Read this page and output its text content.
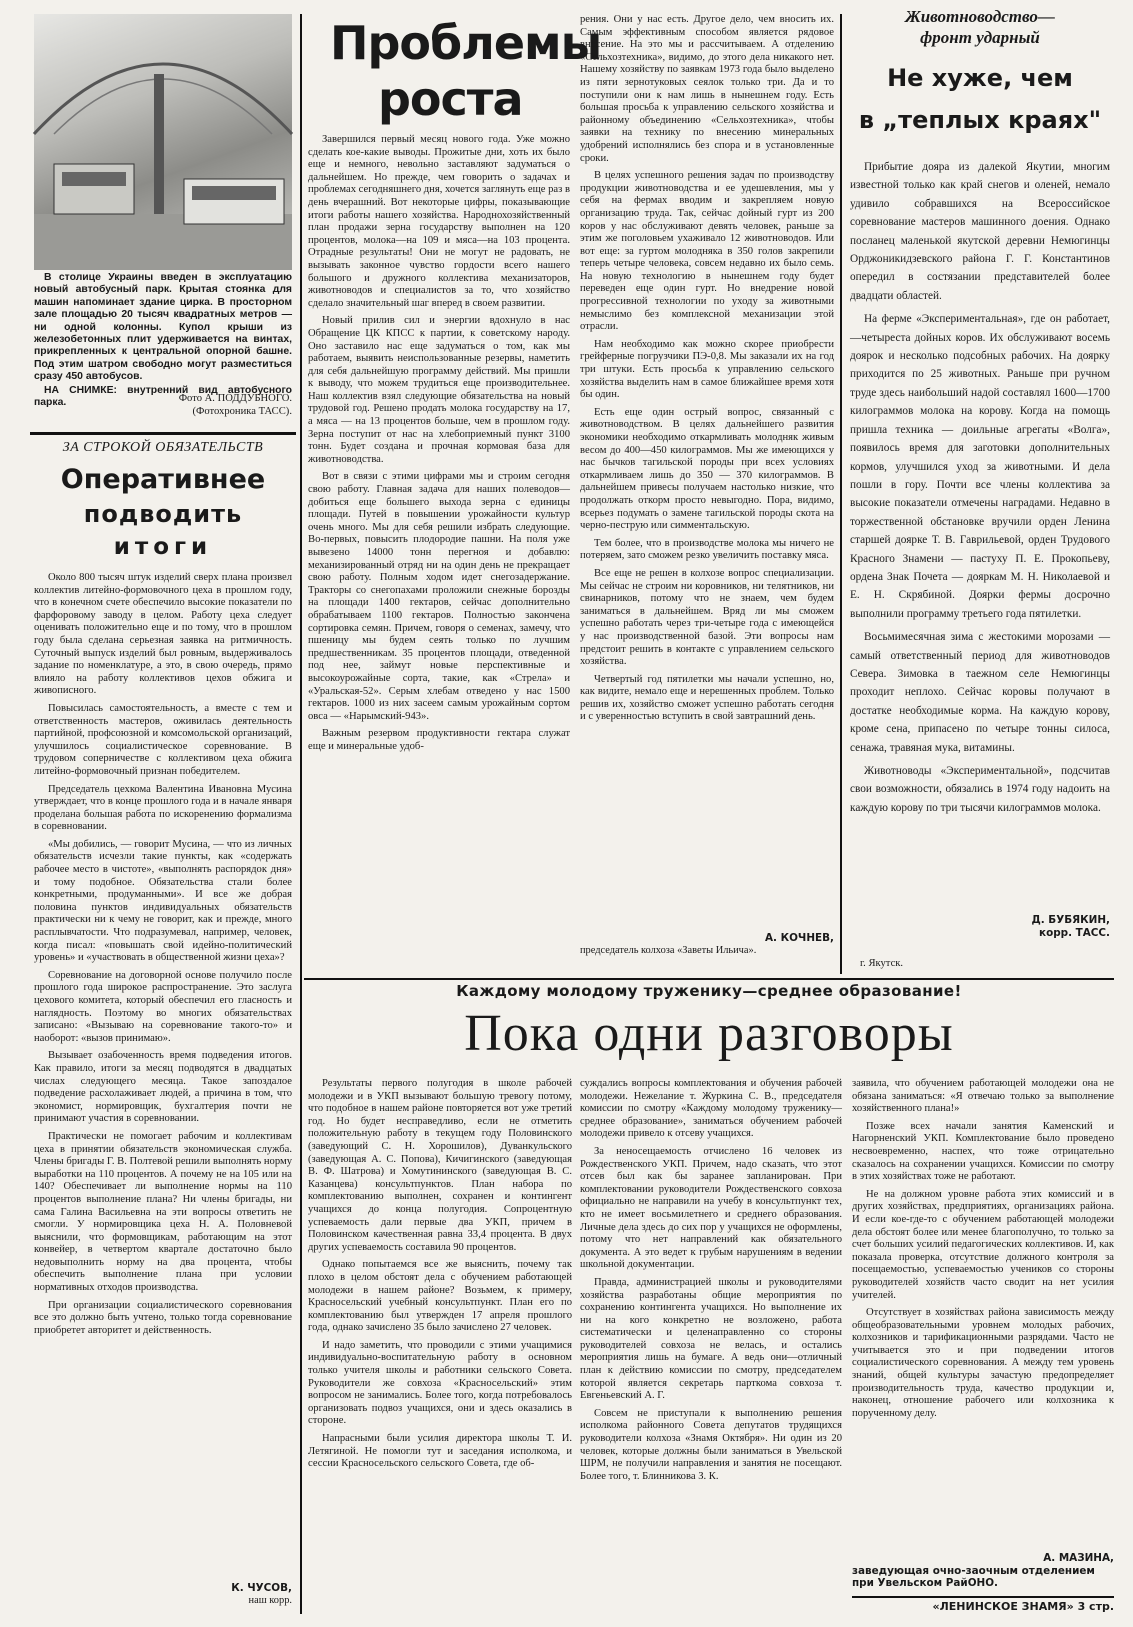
В столице Украины введен в эксплуатацию новый автобусный парк. Крытая стоянка для машин напоминает здание цирка. В просторном зале площадью 20 тысяч квадратных метров — ни одной колонны. Купол крыши из железобетонных плит удерживается на винтах, прикрепленных к центральной опорной башне. Под этим шатром свободно могут разместиться сразу 450 автобусов.
НА СНИМКЕ: внутренний вид автобусного парка.	Фото А. ПОДДУБНОГО.
(Фотохроника ТАСС).
ЗА СТРОКОЙ ОБЯЗАТЕЛЬСТВ
Оперативнее
подводить
итоги

Около 800 тысяч штук изделий сверх плана произвел коллектив литейно-формовочного цеха в прошлом году, что в конечном счете обеспечило высокие показатели по фарфоровому заводу в целом. Работу цеха следует оценивать положительно еще и по тому, что в прошлом году была сделана серьезная заявка на ритмичность. Суточный выпуск изделий был ровным, выдерживалось задание по номенклатуре, а это, в свою очередь, прямо влияло на работу коллективов цехов обжига и живописного.

Повысилась самостоятельность, а вместе с тем и ответственность мастеров, оживилась деятельность партийной, профсоюзной и комсомольской организаций, улучшилось социалистическое соревнование. В трудовом соперничестве с коллективом цеха обжига литейно-формовочный признан победителем.

Председатель цехкома Валентина Ивановна Мусина утверждает, что в конце прошлого года и в начале января проделана большая работа по искоренению формализма в соревновании.

«Мы добились, — говорит Мусина, — что из личных обязательств исчезли такие пункты, как «содержать рабочее место в чистоте», «выполнять распорядок дня» и тому подобное. Обязательства стали более конкретными, продуманными». И все же добрая половина пунктов индивидуальных обязательств практически ни к чему не говорит, как и прежде, много расплывчатости. Что подразумевал, например, человек, когда писал: «повышать свой идейно-политический уровень» и «участвовать в общественной жизни цеха»?

Соревнование на договорной основе получило после прошлого года широкое распространение. Это заслуга цехового комитета, который обеспечил его гласность и наглядность. Поэтому во многих обязательствах записано: «Вызываю на соревнование такого-то» и наоборот: «вызов принимаю».

Вызывает озабоченность время подведения итогов. Как правило, итоги за месяц подводятся в двадцатых числах следующего месяца. Такое запоздалое подведение расхолаживает людей, а причина в том, что экономист, нормировщик, бухгалтерия почти не принимают участия в соревновании.

Практически не помогает рабочим и коллективам цеха в принятии обязательств экономическая служба. Члены бригады Г. В. Полтевой решили выполнять норму выработки на 110 процентов. А почему не на 105 или на 140? Обеспечивает ли выполнение нормы на 110 процентов выполнение плана? Ни члены бригады, ни сама Галина Васильевна на эти вопросы ответить не смогли. У нормировщика цеха Н. А. Половневой выяснили, что формовщикам, работающим на этот конвейер, в четвертом квартале достаточно было недовыполнить норму на два процента, чтобы обеспечить выполнение плана при условии нормативных отходов производства.

При организации социалистического соревнования все это должно быть учтено, только тогда соревнование приобретет авторитет и действенность.

К. ЧУСОВ,
наш корр.
Проблемы
роста

Завершился первый месяц нового года. Уже можно сделать кое-какие выводы. Прожитые дни, хоть их было еще и немного, невольно заставляют задуматься о дальнейшем. Но прежде, чем говорить о задачах и проблемах сегодняшнего дня, хочется заглянуть еще раз в день вчерашний. Вот некоторые цифры, показывающие итоги работы нашего хозяйства. Народнохозяйственный план продажи зерна государству выполнен на 120 процентов, молока—на 109 и мяса—на 103 процента. Отрадные результаты! Они не могут не радовать, не вызывать законное чувство гордости всего нашего большого и дружного коллектива механизаторов, животноводов и специалистов за то, что хозяйство сделало значительный шаг вперед в своем развитии.

Новый прилив сил и энергии вдохнуло в нас Обращение ЦК КПСС к партии, к советскому народу. Оно заставило нас еще задуматься о том, как мы работаем, выявить неиспользованные резервы, наметить для себя дальнейшую программу действий. Мы пришли к выводу, что можем трудиться еще производительнее. Наш коллектив взял следующие обязательства на новый трудовой год. Решено продать молока государству на 17, а мяса — на 13 процентов больше, чем в прошлом году. Зерна поступит от нас на хлебоприемный пункт 3100 тонн. Будет создана и прочная кормовая база для животноводства.

Вот в связи с этими цифрами мы и строим сегодня свою работу. Главная задача для наших полеводов—добиться еще большего выхода зерна с единицы площади. Путей в повышении урожайности культур очень много. Мы для себя решили избрать следующие. Во-первых, повысить плодородие пашни. На поля уже вывезено 14000 тонн перегноя и добавлю: механизированный отряд ни на один день не прекращает свою работу. Полным ходом идет снегозадержание. Тракторы со снегопахами проложили снежные борозды на площади 1400 гектаров, сейчас дополнительно обрабатываем 1100 гектаров. Полностью закончена сортировка семян. Причем, говоря о семенах, замечу, что пшеницу мы будем сеять только по лучшим предшественникам. 35 процентов площади, отведенной под нее, займут новые перспективные и высокоурожайные сорта, такие, как «Стрела» и «Уральская-52». Серым хлебам отведено у нас 1500 гектаров. 1000 из них засеем самым урожайным сортом овса — «Нарымский-943».

Важным резервом продуктивности гектара служат еще и минеральные удоб-

рения. Они у нас есть. Другое дело, чем вносить их. Самым эффективным способом является рядовое внесение. На это мы и рассчитываем. А отделению «Сельхозтехника», видимо, до этого дела никакого нет. Нашему хозяйству по заявкам 1973 года было выделено из пяти зернотуковых сеялок только три. Да и то поступили они к нам лишь в нынешнем году. Есть большая просьба к управлению сельского хозяйства и районному объединению «Сельхозтехника», чтобы заявки на технику по внесению минеральных удобрений исполнялись без спора и в установленные сроки.

В целях успешного решения задач по производству продукции животноводства и ее удешевления, мы у себя на фермах вводим и закрепляем новую организацию труда. Так, сейчас дойный гурт из 200 коров у нас обслуживают девять человек, раньше за этим же поголовьем ухаживало 12 животноводов. Или вот еще: за гуртом молодняка в 350 голов закрепили теперь четыре человека, совсем недавно их было семь. На новую технологию в нынешнем году будет переведен еще один гурт. Но внедрение новой прогрессивной технологии по уходу за животными немыслимо без комплексной механизации этой отрасли.

Нам необходимо как можно скорее приобрести грейферные погрузчики ПЭ-0,8. Мы заказали их на год три штуки. Есть просьба к управлению сельского хозяйства выделить нам в самое ближайшее время хотя бы один.

Есть еще один острый вопрос, связанный с животноводством. В целях дальнейшего развития экономики необходимо откармливать молодняк живым весом до 400—450 килограммов. Мы же имеющихся у нас бычков тагильской породы при всех условиях откармливаем лишь до 350 — 370 килограммов. В дальнейшем привесы получаем настолько низкие, что продолжать откорм просто невыгодно. Пора, видимо, всерьез подумать о замене тагильской породы скота на черно-пеструю или симментальскую.

Тем более, что в производстве молока мы ничего не потеряем, зато сможем резко увеличить поставку мяса.

Все еще не решен в колхозе вопрос специализации. Мы сейчас не строим ни коровников, ни телятников, ни свинарников, потому что не знаем, чем будем заниматься в дальнейшем. Вряд ли мы сможем успешно работать через три-четыре года с имеющейся у нас производственной базой. Эти вопросы нам предстоит решить в контакте с управлением сельского хозяйства.

Четвертый год пятилетки мы начали успешно, но, как видите, немало еще и нерешенных проблем. Только решив их, хозяйство сможет успешно работать сегодня и с уверенностью вступить в свой завтрашний день.

А. КОЧНЕВ,
председатель колхоза «Заветы Ильича».
Животноводство—
фронт ударный
Не хуже, чем
в „теплых краях"

Прибытие доярa из далекой Якутии, многим известной только как край снегов и оленей, немало удивило собравшихся на Всероссийское соревнование мастеров машинного доения. Однако посланец маленькой якутской деревни Немюгинцы Орджоникидзевского района Г. Г. Константинов опередил в состязании представителей более двадцати областей.

На ферме «Экспериментальная», где он работает,—четыреста дойных коров. Их обслуживают восемь доярок и несколько подсобных рабочих. На доярку приходится по 25 животных. Раньше при ручном труде здесь наибольший надой составлял 1600—1700 килограммов молока на корову. Когда на помощь пришла техника — доильные агрегаты «Волга», появилось время для заготовки дополнительных кормов, улучшился уход за животными. И дела пошли в гору. Почти все члены коллектива за высокие показатели отмечены наградами. Недавно в торжественной обстановке вручили орден Ленина старшей доярке Т. В. Гаврильевой, орден Трудового Красного Знамени — пастуху П. Е. Прокопьеву, ордена Знак Почета — дояркам М. Н. Николаевой и Е. Н. Скрябиной. Доярки фермы досрочно выполнили программу третьего года пятилетки.

Восьмимесячная зима с жестокими морозами — самый ответственный период для животноводов Севера. Зимовка в таежном селе Немюгинцы проходит неплохо. Сейчас коровы получают в достатке необходимые корма. На каждую корову, кроме сена, припасено по четыре тонны силоса, сенажа, травяная мука, витамины.

Животноводы «Экспериментальной», подсчитав свои возможности, обязались в 1974 году надоить на каждую корову по три тысячи килограммов молока.

Д. БУБЯКИН,
корр. ТАСС.
г. Якутск.
Каждому молодому труженику—среднее образование!
Пока одни разговоры

Результаты первого полугодия в школе рабочей молодежи и в УКП вызывают большую тревогу потому, что подобное в нашем районе повторяется вот уже третий год. Но будет несправедливо, если не отметить положительную работу в текущем году Половинского (заведующий С. Н. Хорошилов), Дуванкульского (заведующая А. С. Попова), Кичигинского (заведующая В. Ф. Шатрова) и Хомутининского (заведующая В. С. Казанцева) консультпунктов. План набора по комплектованию выполнен, сохранен и контингент учащихся до конца полугодия. Сопроцентную успеваемость дали первые два УКП, причем в Половинском качественная равна 33,4 процента. В двух других успеваемость составила 90 процентов.

Однако попытаемся все же выяснить, почему так плохо в целом обстоят дела с обучением работающей молодежи в нашем районе? Возьмем, к примеру, Красносельский учебный консультпункт. План его по комплектованию был утвержден 17 апреля прошлого года, однако зачислено 35 было зачислено 27 человек.

И надо заметить, что проводили с этими учащимися индивидуально-воспитательную работу в основном только учителя школы и работники сельского Совета. Руководители же совхоза «Красносельский» этим вопросом не занимались. Более того, когда потребовалось организовать подвоз учащихся, они и здесь оказались в стороне.

Напрасными были усилия директора школы Т. И. Летягиной. Не помогли тут и заседания исполкома, и сессии Красносельского сельского Совета, где об-

суждались вопросы комплектования и обучения рабочей молодежи. Нежелание т. Журкина С. В., председателя комиссии по смотру «Каждому молодому труженику—среднее образование», заниматься обучением рабочей молодежи привело к отсеву учащихся.

За неносещаемость отчислено 16 человек из Рождественского УКП. Причем, надо сказать, что этот отсев был как бы заранее запланирован. При комплектовании руководители Рождественского совхоза официально не направили на учебу в консультпункт тех, кто не имеет восьмилетнего и среднего образования. Личные дела здесь до сих пор у учащихся не оформлены, потому что нет направлений как обязательного документа. А это ведет к грубым нарушениям в ведении школьной документации.

Правда, администрацией школы и руководителями хозяйства разработаны общие мероприятия по сохранению контингента учащихся. Но выполнение их ни на кого конкретно не возложено, работа систематически и целенаправленно со стороны руководителей совхоза не велась, и остались мероприятия лишь на бумаге. А ведь они—отличный план к действию комиссии по смотру, председателем которой является секретарь парткома совхоза т. Евгеньевский А. Г.

Совсем не приступали к выполнению решения исполкома районного Совета депутатов трудящихся руководители колхоза «Знамя Октября». Ни один из 20 человек, которые должны были заниматься в Увельской ШРМ, не получили направления и занятия не посещают. Более того, т. Блинникова З. К.

заявила, что обучением работающей молодежи она не обязана заниматься: «Я отвечаю только за выполнение хозяйственного плана!»

Позже всех начали занятия Каменский и Нагорненский УКП. Комплектование было проведено несвоевременно, наспех, что тоже отрицательно сказалось на сохранении учащихся. Комиссии по смотру в этих хозяйствах тоже не работают.

Не на должном уровне работа этих комиссий и в других хозяйствах, предприятиях, организациях района. И если кое-где-то с обучением работающей молодежи дела обстоят более или менее благополучно, то только за счет больших усилий педагогических коллективов. И, как показала проверка, отсутствие должного контроля за посещаемостью, успеваемостью учеников со стороны руководителей хозяйств часто сводит на нет усилия учителей.

Отсутствует в хозяйствах района зависимость между общеобразовательными уровнем молодых рабочих, колхозников и тарификационными разрядами. Часто не учитывается это и при подведении итогов социалистического соревнования. А между тем уровень знаний, общей культуры зачастую предопределяет производительность труда, качество продукции и, наконец, отношение рабочего или колхозника к порученному делу.

А. МАЗИНА,
заведующая очно-заочным отделением при Увельском РайОНО.
«ЛЕНИНСКОЕ ЗНАМЯ» 3 стр.
